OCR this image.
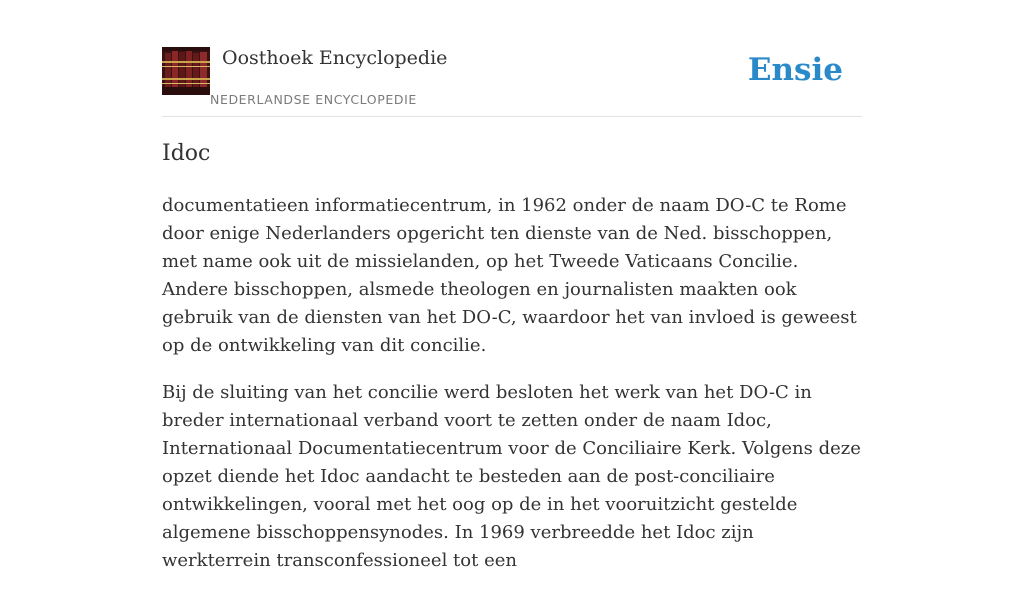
Oosthoek Encyclopedie
NEDERLANDSE ENCYCLOPEDIE
Ensie
Idoc

documentatieen informatiecentrum, in 1962 onder de naam DO-C te Rome door enige Nederlanders opgericht ten dienste van de Ned. bisschoppen, met name ook uit de missielanden, op het Tweede Vaticaans Concilie. Andere bisschoppen, alsmede theologen en journalisten maakten ook gebruik van de diensten van het DO-C, waardoor het van invloed is geweest op de ontwikkeling van dit concilie.

Bij de sluiting van het concilie werd besloten het werk van het DO-C in breder internationaal verband voort te zetten onder de naam Idoc, Internationaal Documentatiecentrum voor de Conciliaire Kerk. Volgens deze opzet diende het Idoc aandacht te besteden aan de post-conciliaire ontwikkelingen, vooral met het oog op de in het vooruitzicht gestelde algemene bisschoppensynodes. In 1969 verbreedde het Idoc zijn werkterrein transconfessioneel tot een
